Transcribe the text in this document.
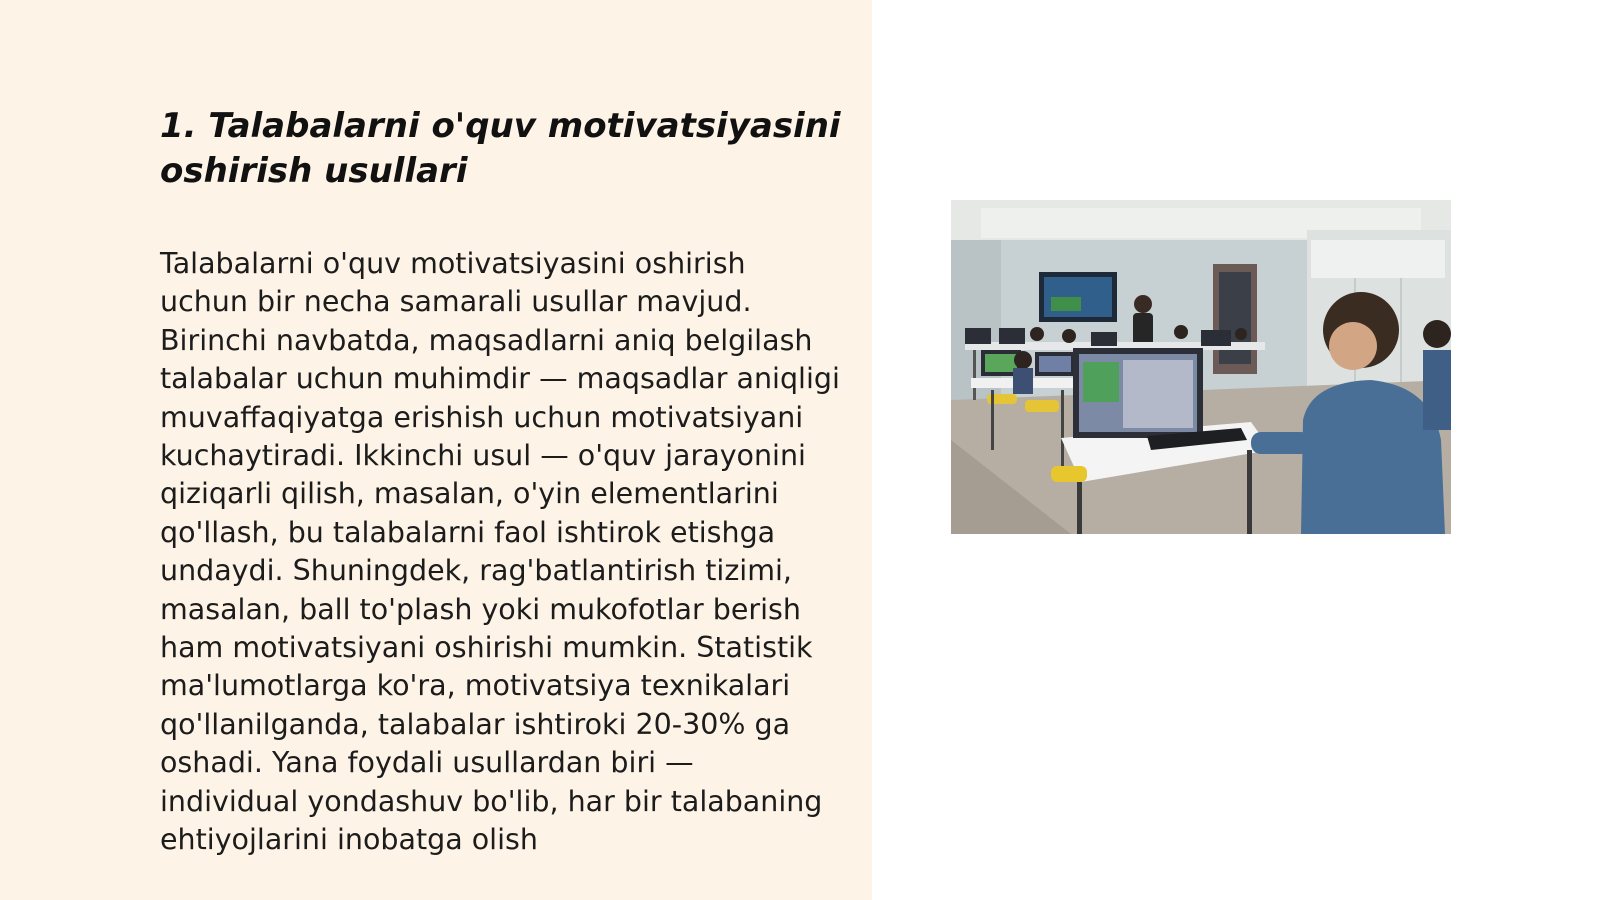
1. Talabalarni o'quv motivatsiyasini oshirish usullari

Talabalarni o'quv motivatsiyasini oshirish uchun bir necha samarali usullar mavjud. Birinchi navbatda, maqsadlarni aniq belgilash talabalar uchun muhimdir — maqsadlar aniqligi muvaffaqiyatga erishish uchun motivatsiyani kuchaytiradi. Ikkinchi usul — o'quv jarayonini qiziqarli qilish, masalan, o'yin elementlarini qo'llash, bu talabalarni faol ishtirok etishga undaydi. Shuningdek, rag'batlantirish tizimi, masalan, ball to'plash yoki mukofotlar berish ham motivatsiyani oshirishi mumkin. Statistik ma'lumotlarga ko'ra, motivatsiya texnikalari qo'llanilganda, talabalar ishtiroki 20-30% ga oshadi. Yana foydali usullardan biri — individual yondashuv bo'lib, har bir talabaning ehtiyojlarini inobatga olish
